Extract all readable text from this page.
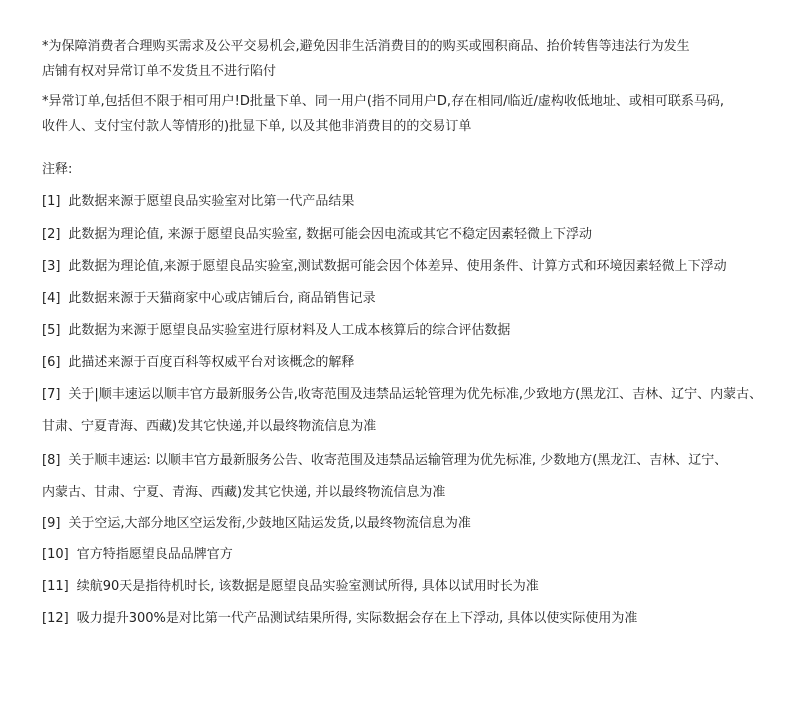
*为保障消费者合理购买需求及公平交易机会,避免因非生活消费目的的购买或囤积商品、抬价转售等违法行为发生
店铺有权对异常订单不发货且不进行陷付
*异常订单,包括但不限于相可用户!D批量下单、同一用户(指不同用户D,存在相同/临近/虚构收低地址、或相可联系马码,
收件人、支付宝付款人等情形的)批显下单, 以及其他非消费目的的交易订单
注释:
[1] 此数据来源于愿望良品实验室对比第一代产品结果
[2] 此数据为理论值, 来源于愿望良品实验室, 数据可能会因电流或其它不稳定因素轻微上下浮动
[3] 此数据为理论值,来源于愿望良品实验室,测试数据可能会因个体差异、使用条件、计算方式和环境因素轻微上下浮动
[4] 此数据来源于天猫商家中心或店铺后台, 商品销售记录
[5] 此数据为来源于愿望良品实验室进行原材料及人工成本核算后的综合评估数据
[6] 此描述来源于百度百科等权威平台对该概念的解释
[7] 关于|顺丰速运以顺丰官方最新服务公告,收寄范围及违禁品运轮管理为优先标准,少致地方(黑龙江、吉林、辽宁、内蒙古、
甘肃、宁夏青海、西藏)发其它快递,并以最终物流信息为准
[8] 关于顺丰速运: 以顺丰官方最新服务公告、收寄范围及违禁品运输管理为优先标准, 少数地方(黑龙江、吉林、辽宁、
内蒙古、甘肃、宁夏、青海、西藏)发其它快递, 并以最终物流信息为准
[9] 关于空运,大部分地区空运发衔,少鼓地区陆运发货,以最终物流信息为准
[10] 官方特指愿望良品品牌官方
[11] 续航90天是指待机时长, 该数据是愿望良品实验室测试所得, 具体以试用时长为准
[12] 吸力提升300%是对比第一代产品测试结果所得, 实际数据会存在上下浮动, 具体以使实际使用为准
